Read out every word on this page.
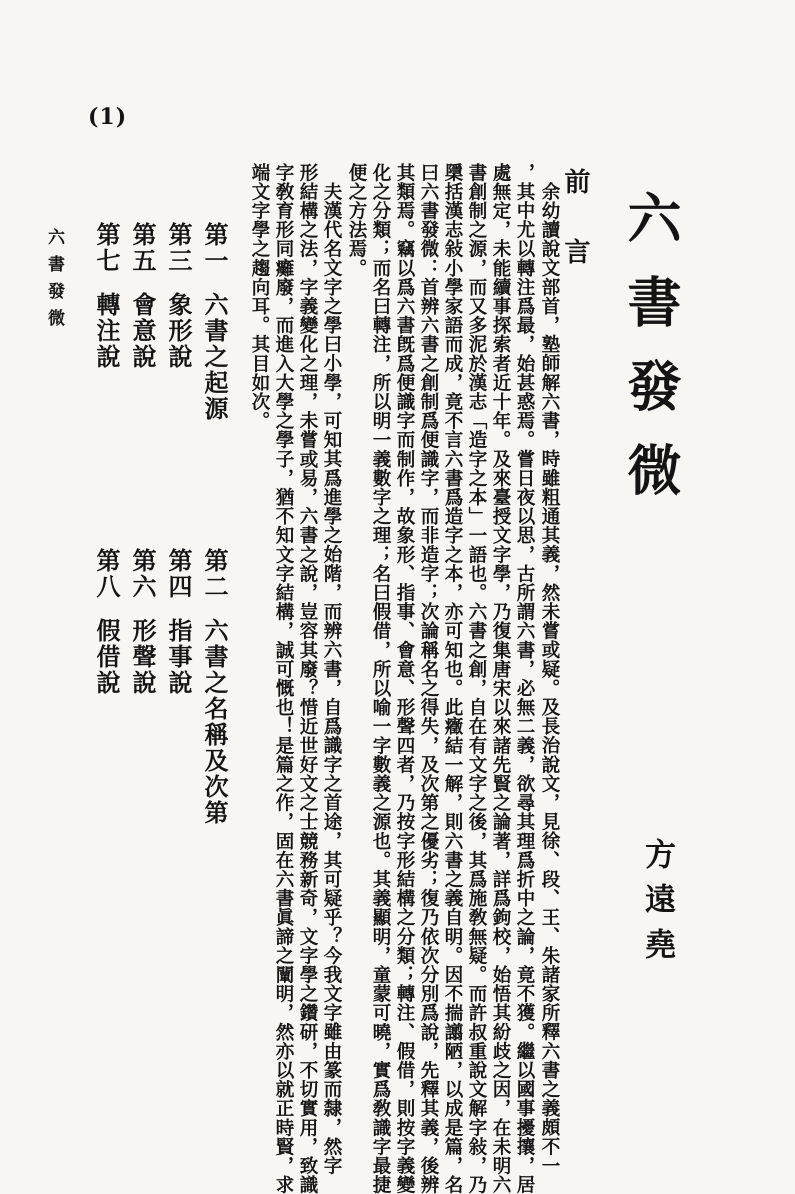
(1)
六書發微
前言
方遠堯
余幼讀說文部首，塾師解六書，時雖粗通其義，然未嘗或疑。及長治說文，見徐、段、王、朱諸家所釋六書之義頗不一
，其中尤以轉注爲最，始甚惑焉。嘗日夜以思，古所謂六書，必無二義，欲尋其理爲折中之論，竟不獲。繼以國事擾攘，居
處無定，未能續事探索者近十年。及來臺授文字學，乃復集唐宋以來諸先賢之論著，詳爲鉤校，始悟其紛歧之因，在未明六
書創制之源，而又多泥於漢志「造字之本」一語也。六書之創，自在有文字之後，其爲施敎無疑。而許叔重說文解字敍，乃
檃括漢志敍小學家語而成，竟不言六書爲造字之本，亦可知也。此癥結一解，則六書之義自明。因不揣譾陋，以成是篇，名
曰六書發微：首辨六書之創制爲便識字，而非造字；次論稱名之得失，及次第之優劣；復乃依次分別爲說，先釋其義，後辨
其類焉。竊以爲六書旣爲便識字而制作，故象形、指事、會意、形聲四者，乃按字形結構之分類；轉注、假借，則按字義變
化之分類；而名曰轉注，所以明一義數字之理；名曰假借，所以喻一字數義之源也。其義顯明，童蒙可曉，實爲敎識字最捷
便之方法焉。
夫漢代名文字之學曰小學，可知其爲進學之始階，而辨六書，自爲識字之首途，其可疑乎？今我文字雖由篆而隸，然字
形結構之法，字義變化之理，未嘗或易，六書之說，豈容其廢？惜近世好文之士競務新奇，文字學之鑽研，不切實用，致識
字敎育形同癱廢，而進入大學之學子，猶不知文字結構，誠可慨也！是篇之作，固在六書眞諦之闡明，然亦以就正時賢，求
端文字學之趨向耳。其目如次。
第一六書之起源
第二六書之名稱及次第
第三象形說
第四指事說
第五會意說
第六形聲說
第七轉注說
第八假借說
六書發微
